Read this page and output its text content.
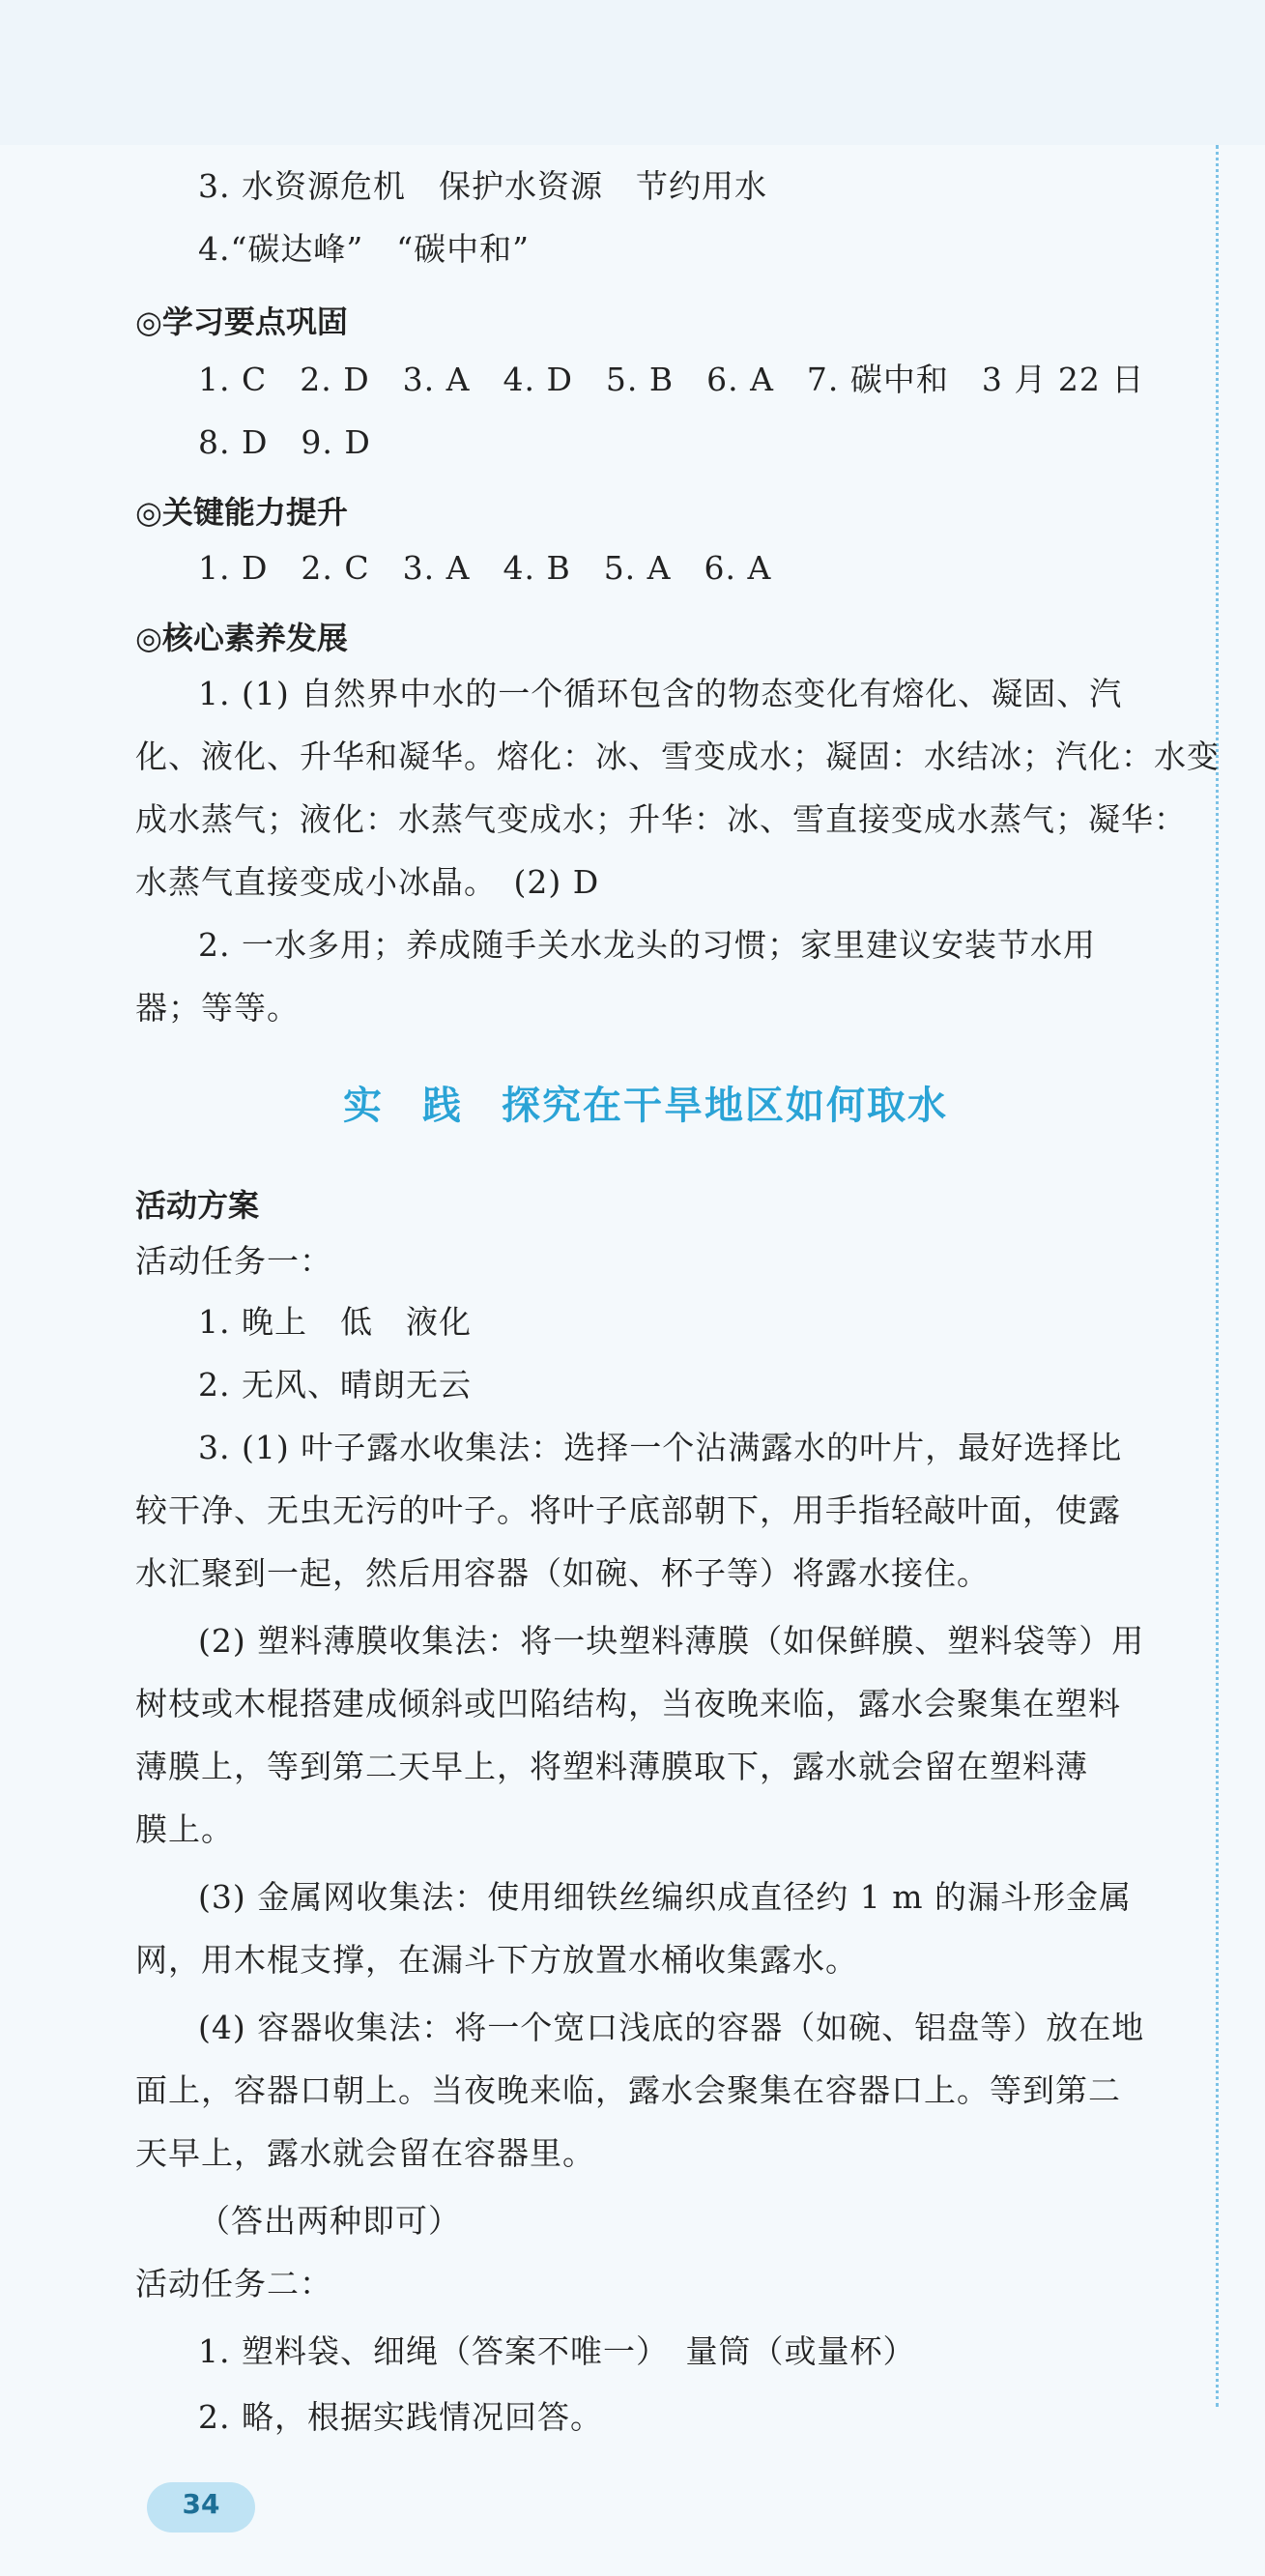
3. 水资源危机　保护水资源　节约用水
4.“碳达峰”　“碳中和”
◎学习要点巩固
1. C　2. D　3. A　4. D　5. B　6. A　7. 碳中和　3 月 22 日
8. D　9. D
◎关键能力提升
1. D　2. C　3. A　4. B　5. A　6. A
◎核心素养发展
1. (1) 自然界中水的一个循环包含的物态变化有熔化、凝固、汽
化、液化、升华和凝华。熔化：冰、雪变成水；凝固：水结冰；汽化：水变
成水蒸气；液化：水蒸气变成水；升华：冰、雪直接变成水蒸气；凝华：
水蒸气直接变成小冰晶。　(2) D
2. 一水多用；养成随手关水龙头的习惯；家里建议安装节水用
器；等等。
实 践 探究在干旱地区如何取水
活动方案
活动任务一：
1. 晚上　低　液化
2. 无风、晴朗无云
3. (1) 叶子露水收集法：选择一个沾满露水的叶片，最好选择比
较干净、无虫无污的叶子。将叶子底部朝下，用手指轻敲叶面，使露
水汇聚到一起，然后用容器（如碗、杯子等）将露水接住。
(2) 塑料薄膜收集法：将一块塑料薄膜（如保鲜膜、塑料袋等）用
树枝或木棍搭建成倾斜或凹陷结构，当夜晚来临，露水会聚集在塑料
薄膜上，等到第二天早上，将塑料薄膜取下，露水就会留在塑料薄
膜上。
(3) 金属网收集法：使用细铁丝编织成直径约 1 m 的漏斗形金属
网，用木棍支撑，在漏斗下方放置水桶收集露水。
(4) 容器收集法：将一个宽口浅底的容器（如碗、铝盘等）放在地
面上，容器口朝上。当夜晚来临，露水会聚集在容器口上。等到第二
天早上，露水就会留在容器里。
（答出两种即可）
活动任务二：
1. 塑料袋、细绳（答案不唯一）　量筒（或量杯）
2. 略，根据实践情况回答。
34
